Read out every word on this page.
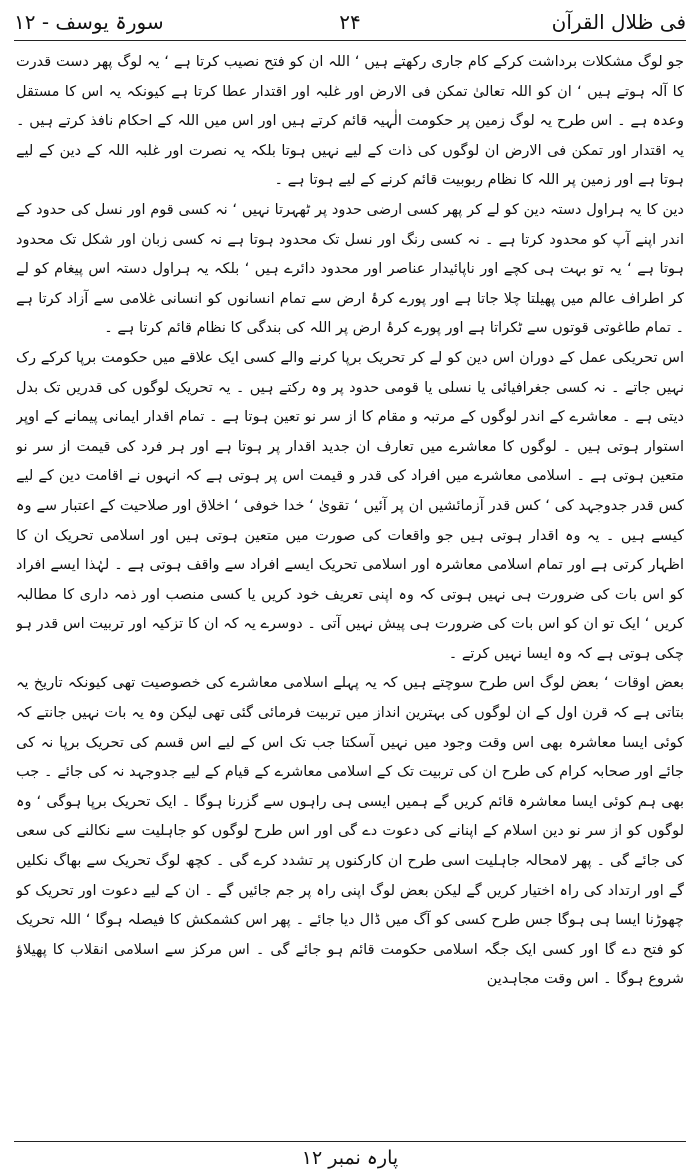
فی ظلال القرآن
۲۴
سورۃ یوسف - ۱۲

جو لوگ مشکلات برداشت کرکے کام جاری رکھتے ہیں ‘ اللہ ان کو فتح نصیب کرتا ہے ‘ یہ لوگ پھر دست قدرت کا آلہ ہوتے ہیں ‘ ان کو اللہ تعالیٰ تمکن فی الارض اور غلبہ اور اقتدار عطا کرتا ہے کیونکہ یہ اس کا مستقل وعدہ ہے ۔ اس طرح یہ لوگ زمین پر حکومت الٰہیہ قائم کرتے ہیں اور اس میں اللہ کے احکام نافذ کرتے ہیں ۔ یہ اقتدار اور تمکن فی الارض ان لوگوں کی ذات کے لیے نہیں ہوتا بلکہ یہ نصرت اور غلبہ اللہ کے دین کے لیے ہوتا ہے اور زمین پر اللہ کا نظام ربوبیت قائم کرنے کے لیے ہوتا ہے ۔

دین کا یہ ہراول دستہ دین کو لے کر پھر کسی ارضی حدود پر ٹھہرتا نہیں ‘ نہ کسی قوم اور نسل کی حدود کے اندر اپنے آپ کو محدود کرتا ہے ۔ نہ کسی رنگ اور نسل تک محدود ہوتا ہے نہ کسی زبان اور شکل تک محدود ہوتا ہے ‘ یہ تو بہت ہی کچے اور ناپائیدار عناصر اور محدود دائرے ہیں ‘ بلکہ یہ ہراول دستہ اس پیغام کو لے کر اطراف عالم میں پھیلتا چلا جاتا ہے اور پورے کرۂ ارض سے تمام انسانوں کو انسانی غلامی سے آزاد کرتا ہے ۔ تمام طاغوتی قوتوں سے ٹکراتا ہے اور پورے کرۂ ارض پر اللہ کی بندگی کا نظام قائم کرتا ہے ۔

اس تحریکی عمل کے دوران اس دین کو لے کر تحریک برپا کرنے والے کسی ایک علاقے میں حکومت برپا کرکے رک نہیں جاتے ۔ نہ کسی جغرافیائی یا نسلی یا قومی حدود پر وہ رکتے ہیں ۔ یہ تحریک لوگوں کی قدریں تک بدل دیتی ہے ۔ معاشرے کے اندر لوگوں کے مرتبہ و مقام کا از سر نو تعین ہوتا ہے ۔ تمام اقدار ایمانی پیمانے کے اوپر استوار ہوتی ہیں ۔ لوگوں کا معاشرے میں تعارف ان جدید اقدار پر ہوتا ہے اور ہر فرد کی قیمت از سر نو متعین ہوتی ہے ۔ اسلامی معاشرے میں افراد کی قدر و قیمت اس پر ہوتی ہے کہ انہوں نے اقامت دین کے لیے کس قدر جدوجہد کی ‘ کس قدر آزمائشیں ان پر آئیں ‘ تقویٰ ‘ خدا خوفی ‘ اخلاق اور صلاحیت کے اعتبار سے وہ کیسے ہیں ۔ یہ وہ اقدار ہوتی ہیں جو واقعات کی صورت میں متعین ہوتی ہیں اور اسلامی تحریک ان کا اظہار کرتی ہے اور تمام اسلامی معاشرہ اور اسلامی تحریک ایسے افراد سے واقف ہوتی ہے ۔ لہٰذا ایسے افراد کو اس بات کی ضرورت ہی نہیں ہوتی کہ وہ اپنی تعریف خود کریں یا کسی منصب اور ذمہ داری کا مطالبہ کریں ‘ ایک تو ان کو اس بات کی ضرورت ہی پیش نہیں آتی ۔ دوسرے یہ کہ ان کا تزکیہ اور تربیت اس قدر ہو چکی ہوتی ہے کہ وہ ایسا نہیں کرتے ۔

بعض اوقات ‘ بعض لوگ اس طرح سوچتے ہیں کہ یہ پہلے اسلامی معاشرے کی خصوصیت تھی کیونکہ تاریخ یہ بتاتی ہے کہ قرن اول کے ان لوگوں کی بہترین انداز میں تربیت فرمائی گئی تھی لیکن وہ یہ بات نہیں جانتے کہ کوئی ایسا معاشرہ بھی اس وقت وجود میں نہیں آسکتا جب تک اس کے لیے اس قسم کی تحریک برپا نہ کی جائے اور صحابہ کرام کی طرح ان کی تربیت تک کے اسلامی معاشرے کے قیام کے لیے جدوجہد نہ کی جائے ۔ جب بھی ہم کوئی ایسا معاشرہ قائم کریں گے ہمیں ایسی ہی راہوں سے گزرنا ہوگا ۔ ایک تحریک برپا ہوگی ‘ وہ لوگوں کو از سر نو دین اسلام کے اپنانے کی دعوت دے گی اور اس طرح لوگوں کو جاہلیت سے نکالنے کی سعی کی جائے گی ۔ پھر لامحالہ جاہلیت اسی طرح ان کارکنوں پر تشدد کرے گی ۔ کچھ لوگ تحریک سے بھاگ نکلیں گے اور ارتداد کی راہ اختیار کریں گے لیکن بعض لوگ اپنی راہ پر جم جائیں گے ۔ ان کے لیے دعوت اور تحریک کو چھوڑنا ایسا ہی ہوگا جس طرح کسی کو آگ میں ڈال دیا جائے ۔ پھر اس کشمکش کا فیصلہ ہوگا ‘ اللہ تحریک کو فتح دے گا اور کسی ایک جگہ اسلامی حکومت قائم ہو جائے گی ۔ اس مرکز سے اسلامی انقلاب کا پھیلاؤ شروع ہوگا ۔ اس وقت مجاہدین

پارہ نمبر ۱۲
